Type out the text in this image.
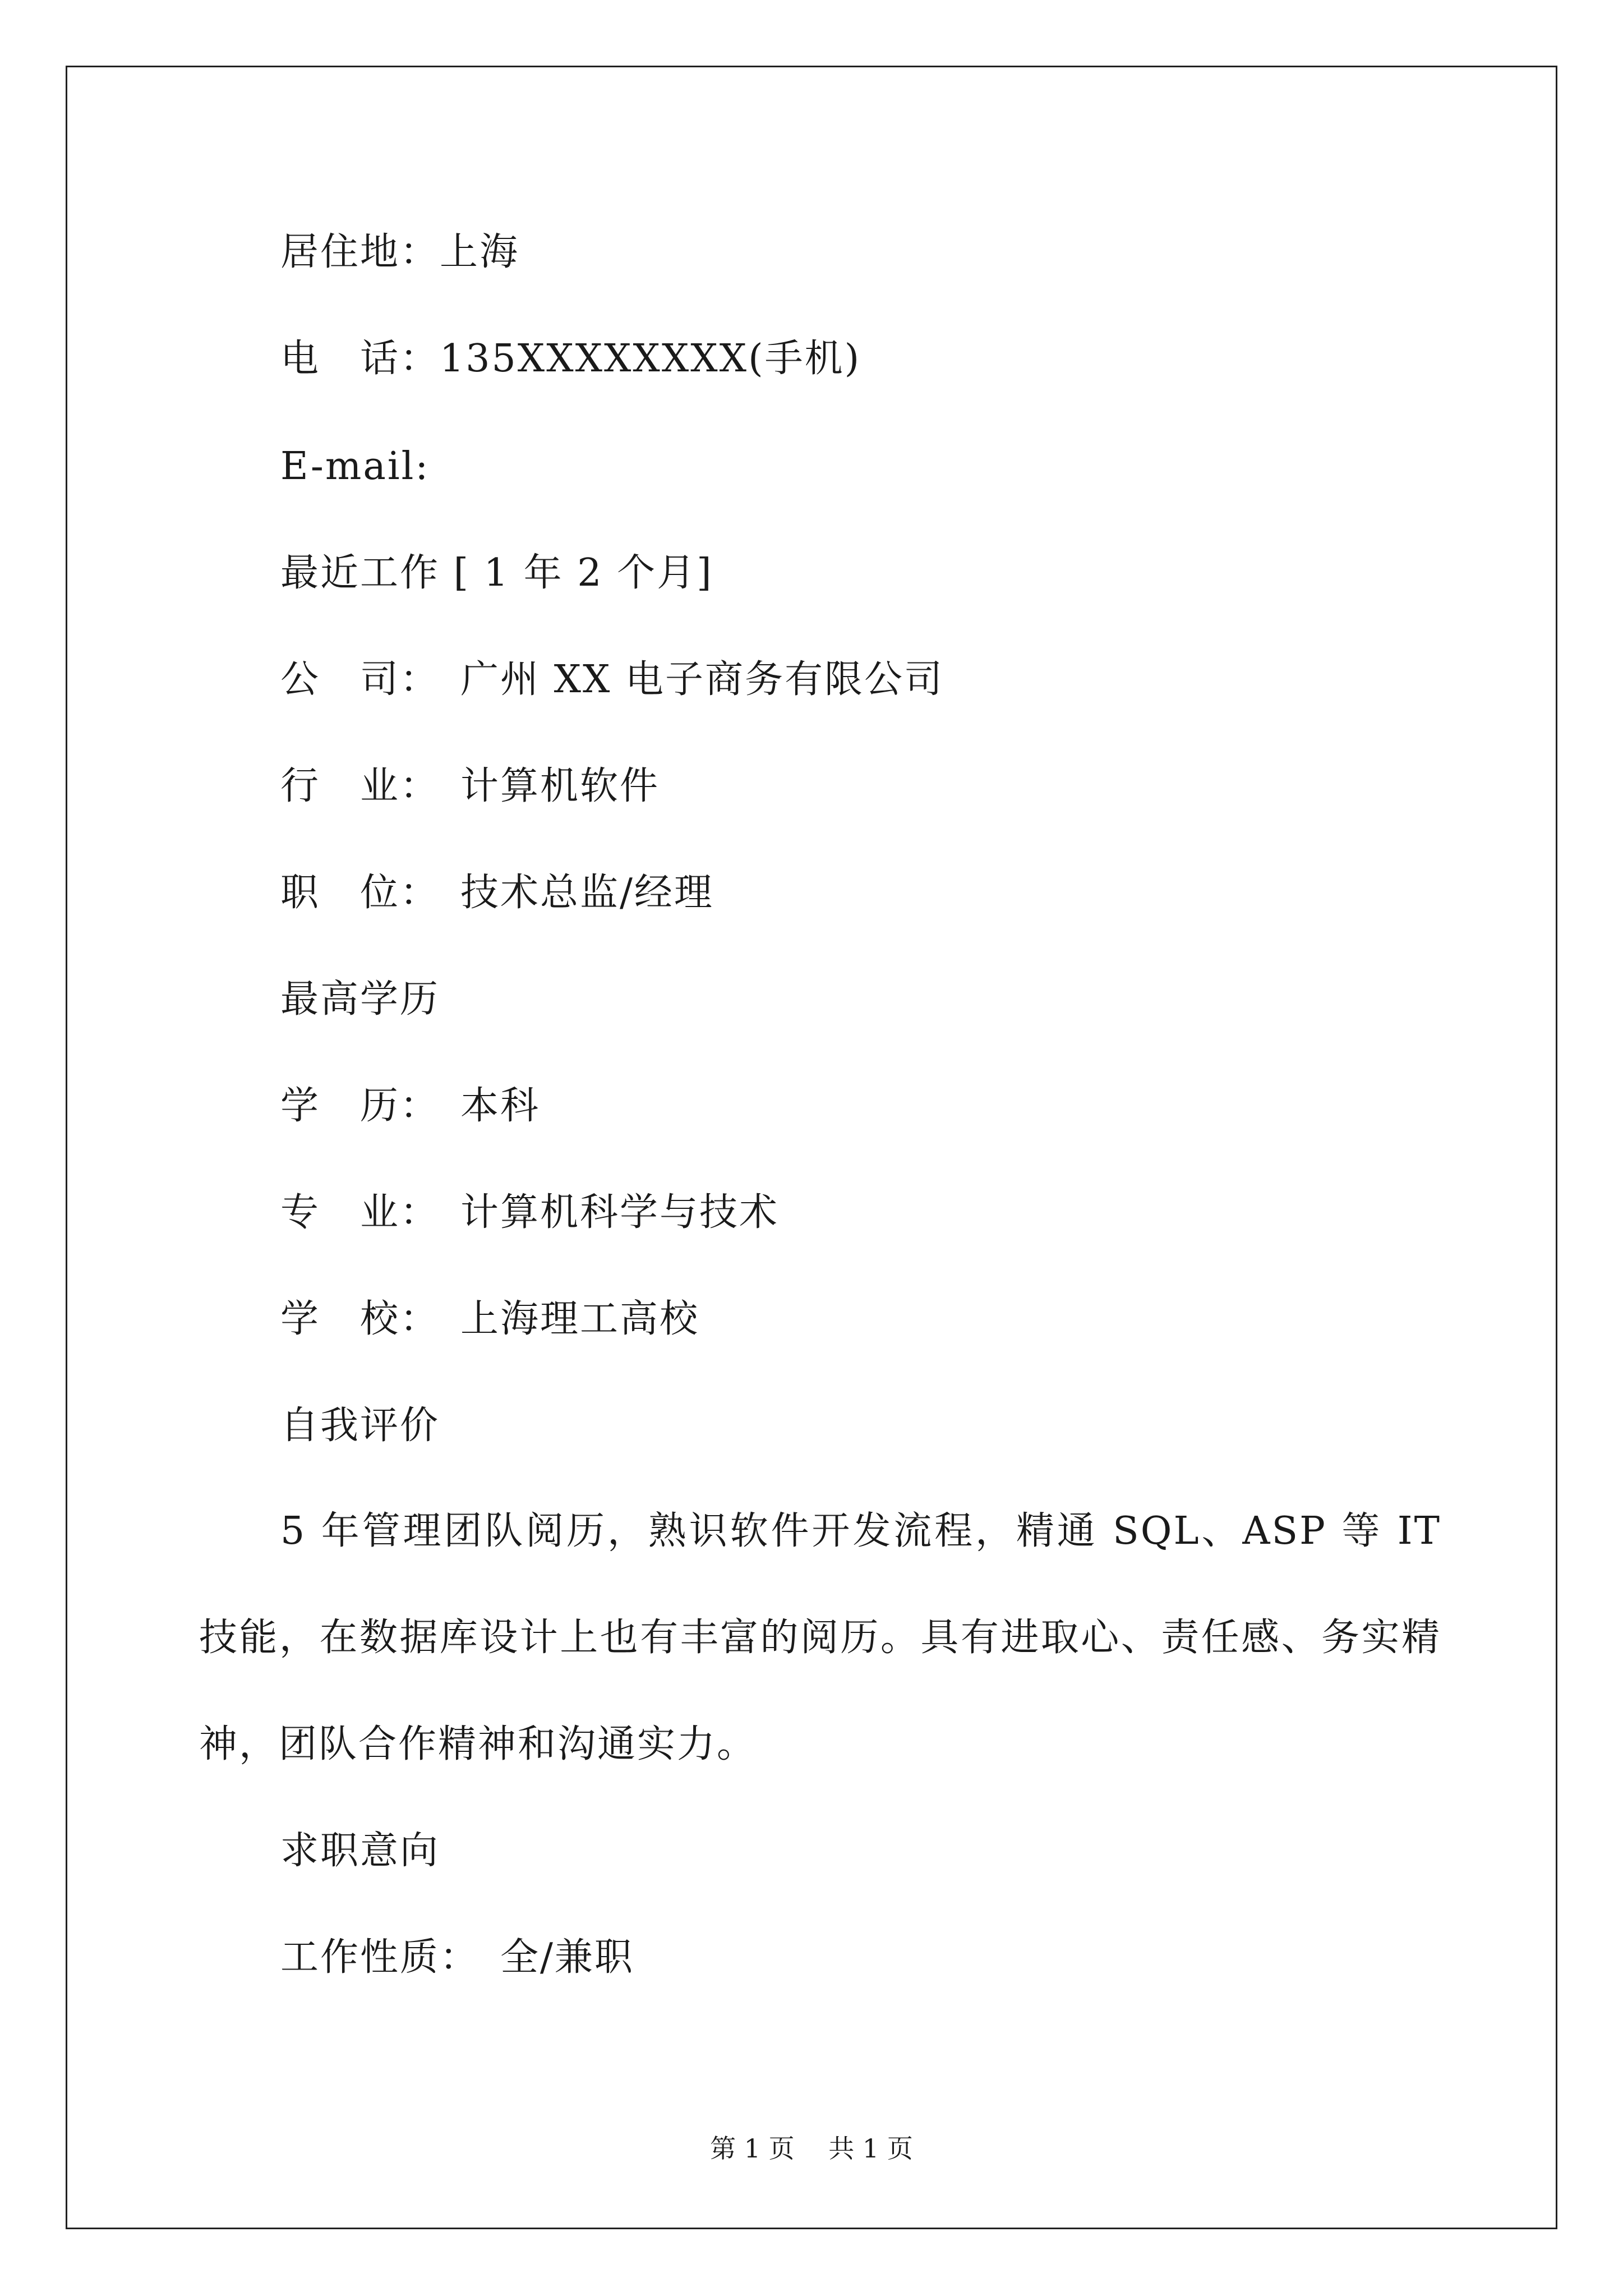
居住地：上海
电　话：135XXXXXXXX(手机)
E-mail:
最近工作 [ 1 年 2 个月]
公　司：　广州 XX 电子商务有限公司
行　业：　计算机软件
职　位：　技术总监/经理
最高学历
学　历：　本科
专　业：　计算机科学与技术
学　校：　上海理工高校
自我评价
5 年管理团队阅历，熟识软件开发流程，精通 SQL、ASP 等 IT 技能，在数据库设计上也有丰富的阅历。具有进取心、责任感、务实精神，团队合作精神和沟通实力。
求职意向
工作性质：　全/兼职
第 1 页　 共 1 页
